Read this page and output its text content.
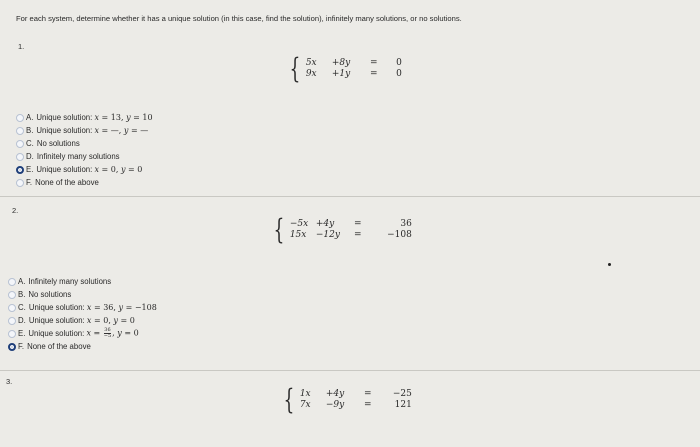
For each system, determine whether it has a unique solution (in this case, find the solution), infinitely many solutions, or no solutions.
1.
{ 5x	+8y	=	0
9x	+1y	=	0
A. Unique solution:
x = 13, y = 10
B. Unique solution:
x = —, y = —
C. No solutions
D. Infinitely many solutions
E. Unique solution:
x = 0, y = 0
F. None of the above
2.
{ −5x +4y	=	36
15x	−12y	=	−108
A. Infinitely many solutions
B. No solutions
C. Unique solution:
x = 36, y = −108
D. Unique solution:
x = 0, y = 0
E. Unique solution:
$x = \frac{36}{-5}$ , y = 0
F. None of the above
3.
{ 1x	+4y	=	−25
7x	−9y	=	121
